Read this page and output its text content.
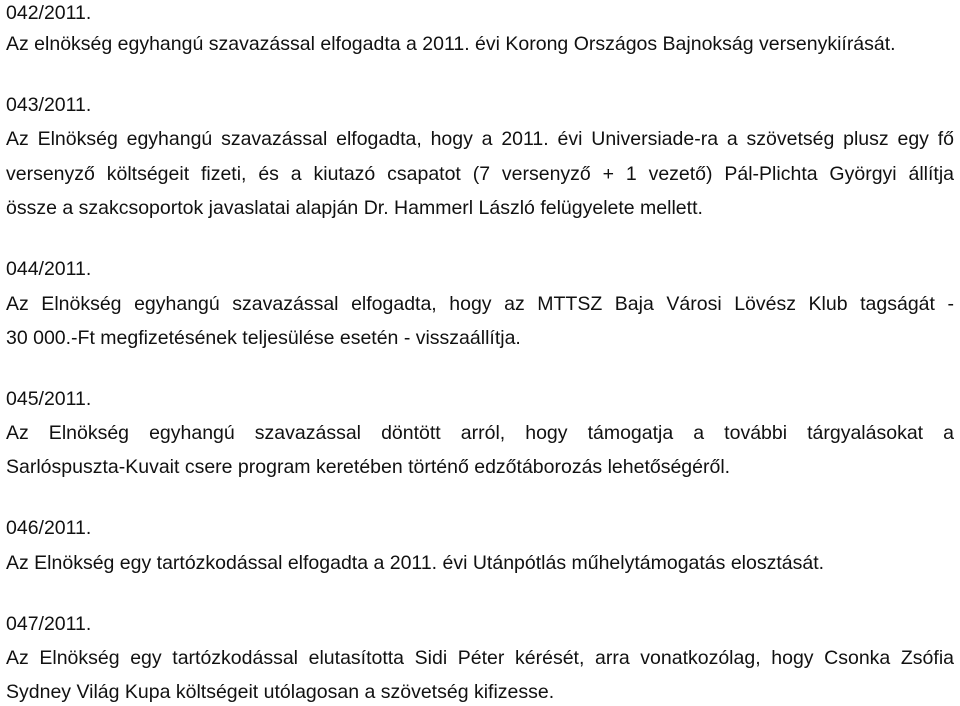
042/2011.
Az elnökség egyhangú szavazással elfogadta a 2011. évi Korong Országos Bajnokság versenykiírását.
043/2011.
Az Elnökség egyhangú szavazással elfogadta, hogy a 2011. évi Universiade-ra a szövetség plusz egy fő
versenyző költségeit fizeti, és a kiutazó csapatot (7 versenyző + 1 vezető) Pál-Plichta Györgyi állítja
össze a szakcsoportok javaslatai alapján Dr. Hammerl László felügyelete mellett.
044/2011.
Az Elnökség egyhangú szavazással elfogadta, hogy az MTTSZ Baja Városi Lövész Klub tagságát -
30 000.-Ft megfizetésének teljesülése esetén - visszaállítja.
045/2011.
Az Elnökség egyhangú szavazással döntött arról, hogy támogatja a további tárgyalásokat a
Sarlóspuszta-Kuvait csere program keretében történő edzőtáborozás lehetőségéről.
046/2011.
Az Elnökség egy tartózkodással elfogadta a 2011. évi Utánpótlás műhelytámogatás elosztását.
047/2011.
Az Elnökség egy tartózkodással elutasította Sidi Péter kérését, arra vonatkozólag, hogy Csonka Zsófia
Sydney Világ Kupa költségeit utólagosan a szövetség kifizesse.
